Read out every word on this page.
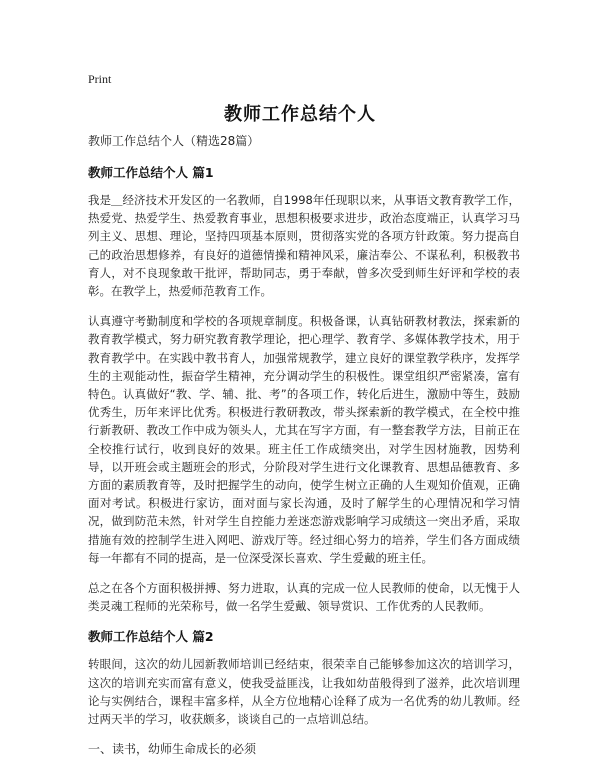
Print
教师工作总结个人

教师工作总结个人（精选28篇）

教师工作总结个人 篇1

我是＿经济技术开发区的一名教师，自1998年任现职以来，从事语文教育教学工作，热爱党、热爱学生、热爱教育事业，思想积极要求进步，政治态度端正，认真学习马列主义、思想、理论，坚持四项基本原则，贯彻落实党的各项方针政策。努力提高自己的政治思想修养，有良好的道德情操和精神风采，廉洁奉公、不谋私利，积极教书育人，对不良现象敢干批评，帮助同志，勇于奉献，曾多次受到师生好评和学校的表彰。在教学上，热爱师范教育工作。

认真遵守考勤制度和学校的各项规章制度。积极备课，认真钻研教材教法，探索新的教育教学模式，努力研究教育教学理论，把心理学、教育学、多媒体教学技术，用于教育教学中。在实践中教书育人，加强常规教学，建立良好的课堂教学秩序，发挥学生的主观能动性，振奋学生精神，充分调动学生的积极性。课堂组织严密紧凑，富有特色。认真做好“教、学、辅、批、考”的各项工作，转化后进生，激励中等生，鼓励优秀生，历年来评比优秀。积极进行教研教改，带头探索新的教学模式，在全校中推行新教研、教改工作中成为领头人，尤其在写字方面，有一整套教学方法，目前正在全校推行试行，收到良好的效果。班主任工作成绩突出，对学生因材施教，因势利导，以开班会或主题班会的形式，分阶段对学生进行文化课教育、思想品德教育、多方面的素质教育等，及时把握学生的动向，使学生树立正确的人生观知价值观，正确面对考试。积极进行家访，面对面与家长沟通，及时了解学生的心理情况和学习情况，做到防范未然，针对学生自控能力差迷恋游戏影响学习成绩这一突出矛盾，采取措施有效的控制学生进入网吧、游戏厅等。经过细心努力的培养，学生们各方面成绩每一年都有不同的提高，是一位深受深长喜欢、学生爱戴的班主任。

总之在各个方面积极拼搏、努力进取，认真的完成一位人民教师的使命，以无愧于人类灵魂工程师的光荣称号，做一名学生爱戴、领导赏识、工作优秀的人民教师。

教师工作总结个人 篇2

转眼间，这次的幼儿园新教师培训已经结束，很荣幸自己能够参加这次的培训学习，这次的培训充实而富有意义，使我受益匪浅，让我如幼苗般得到了滋养，此次培训理论与实例结合，课程丰富多样，从全方位地精心诠释了成为一名优秀的幼儿教师。经过两天半的学习，收获颇多，谈谈自己的一点培训总结。

一、读书，幼师生命成长的必须
